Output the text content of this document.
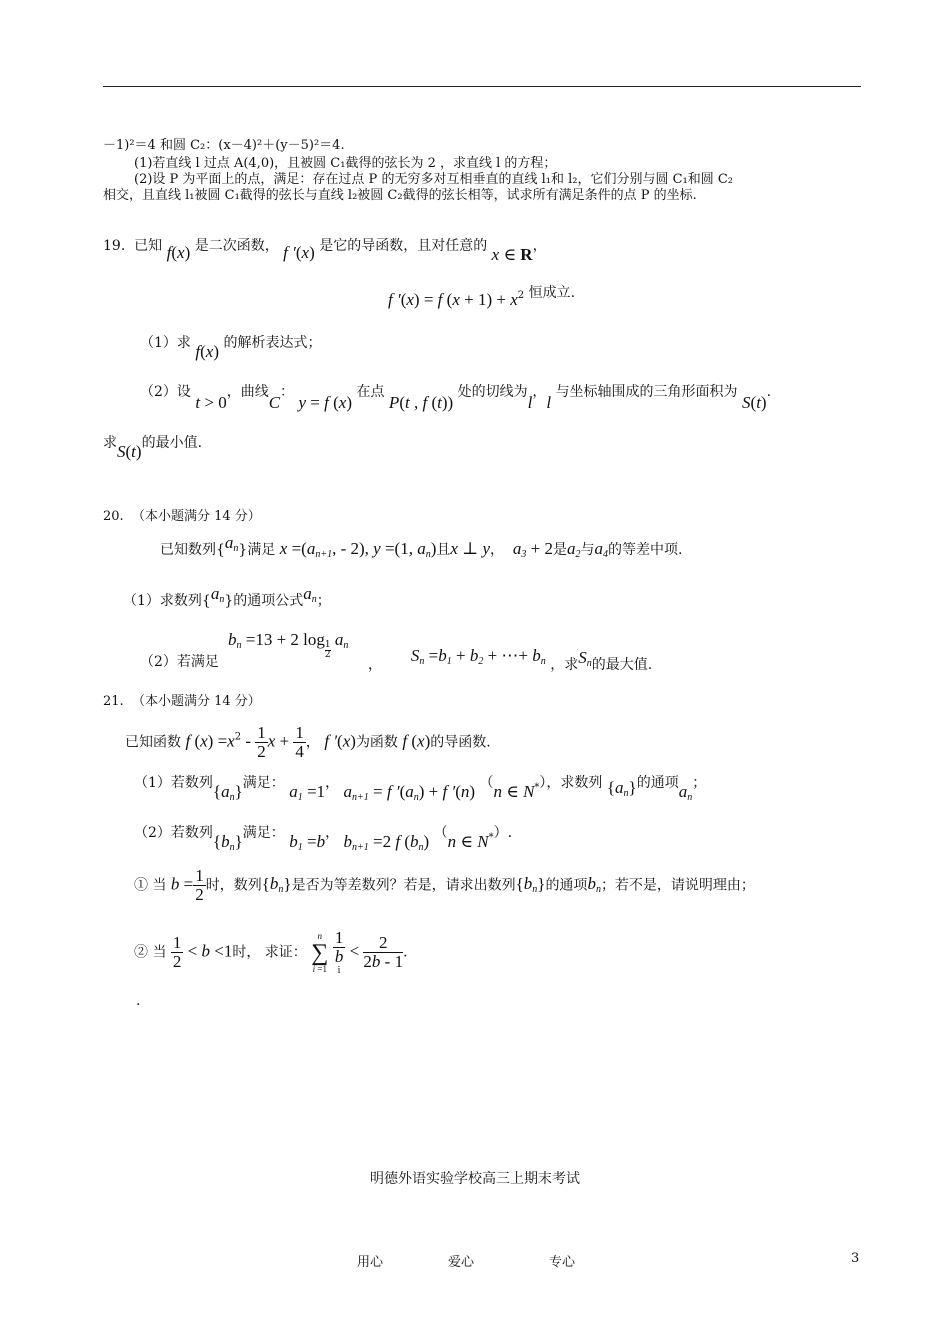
－1)²＝4 和圆 C₂：(x－4)²＋(y－5)²＝4.
(1)若直线 l 过点 A(4,0)，且被圆 C₁截得的弦长为 2 ，求直线 l 的方程；
(2)设 P 为平面上的点，满足：存在过点 P 的无穷多对互相垂直的直线 l₁和 l₂，它们分别与圆 C₁和圆 C₂
相交，且直线 l₁被圆 C₁截得的弦长与直线 l₂被圆 C₂截得的弦长相等，试求所有满足条件的点 P 的坐标.
19. 已知 f(x) 是二次函数， f ′(x) 是它的导函数，且对任意的 x ∈ R，
f ′(x) = f $(x + 1) + x^2$ 恒成立.
（1）求 f(x) 的解析表达式；
（2）设 t > 0，曲线C： y = f (x) 在点 P(t , f (t)) 处的切线为l，l 与坐标轴围成的三角形面积为 S(t).
求S(t)的最小值.
20. （本小题满分 14 分）
已知数列$\{a_n\}$满足 $x =(a_{n+1}$, - 2), y =(1, $a_n$)且x ⊥ y， $a_3 + 2$是$a_2$与$a_4$的等差中项.
（1）求数列$\{a_n\}$的通项公式$a_n$；
$b_n =13 + 2$ log
$\frac{1}{2}$
$a_n$
（2）若满足	， $S_n =b_1 + b_2$ + ⋯+ $b_n$ ，求$S_n$的最大值.
21. （本小题满分 14 分）
已知函数 f $(x) =x^2 - \frac{1}{2}$ $x + \frac{1}{4}$ ， f ′(x)为函数 f (x)的导函数.
（1）若数列$\{a_n\}$满足： $a_1 =1$， $a_{n+1} = f$ $'(a_n) + f$ ′(n) （n ∈ $N_*$），求数列 $\{a_n\}$的通项$a_n$；
（2）若数列$\{b_n\}$满足： $b_1 =b$， $b_{n+1} =2$ f $(b_n)$ （n ∈ $N_*$）.
① 当 $b = \frac{1}{2}$ 时，数列$\{b_n\}$是否为等差数列？若是，请求出数列$\{b_n\}$的通项$b_n$；若不是，请说明理由；
② 当 $\frac{1}{2} < b <1$时， 求证：
n
∑
i =1
1
b
$i < \frac{2}{2b - 1}$ .
.
明德外语实验学校高三上期末考试
用心	爱心	专心	3
